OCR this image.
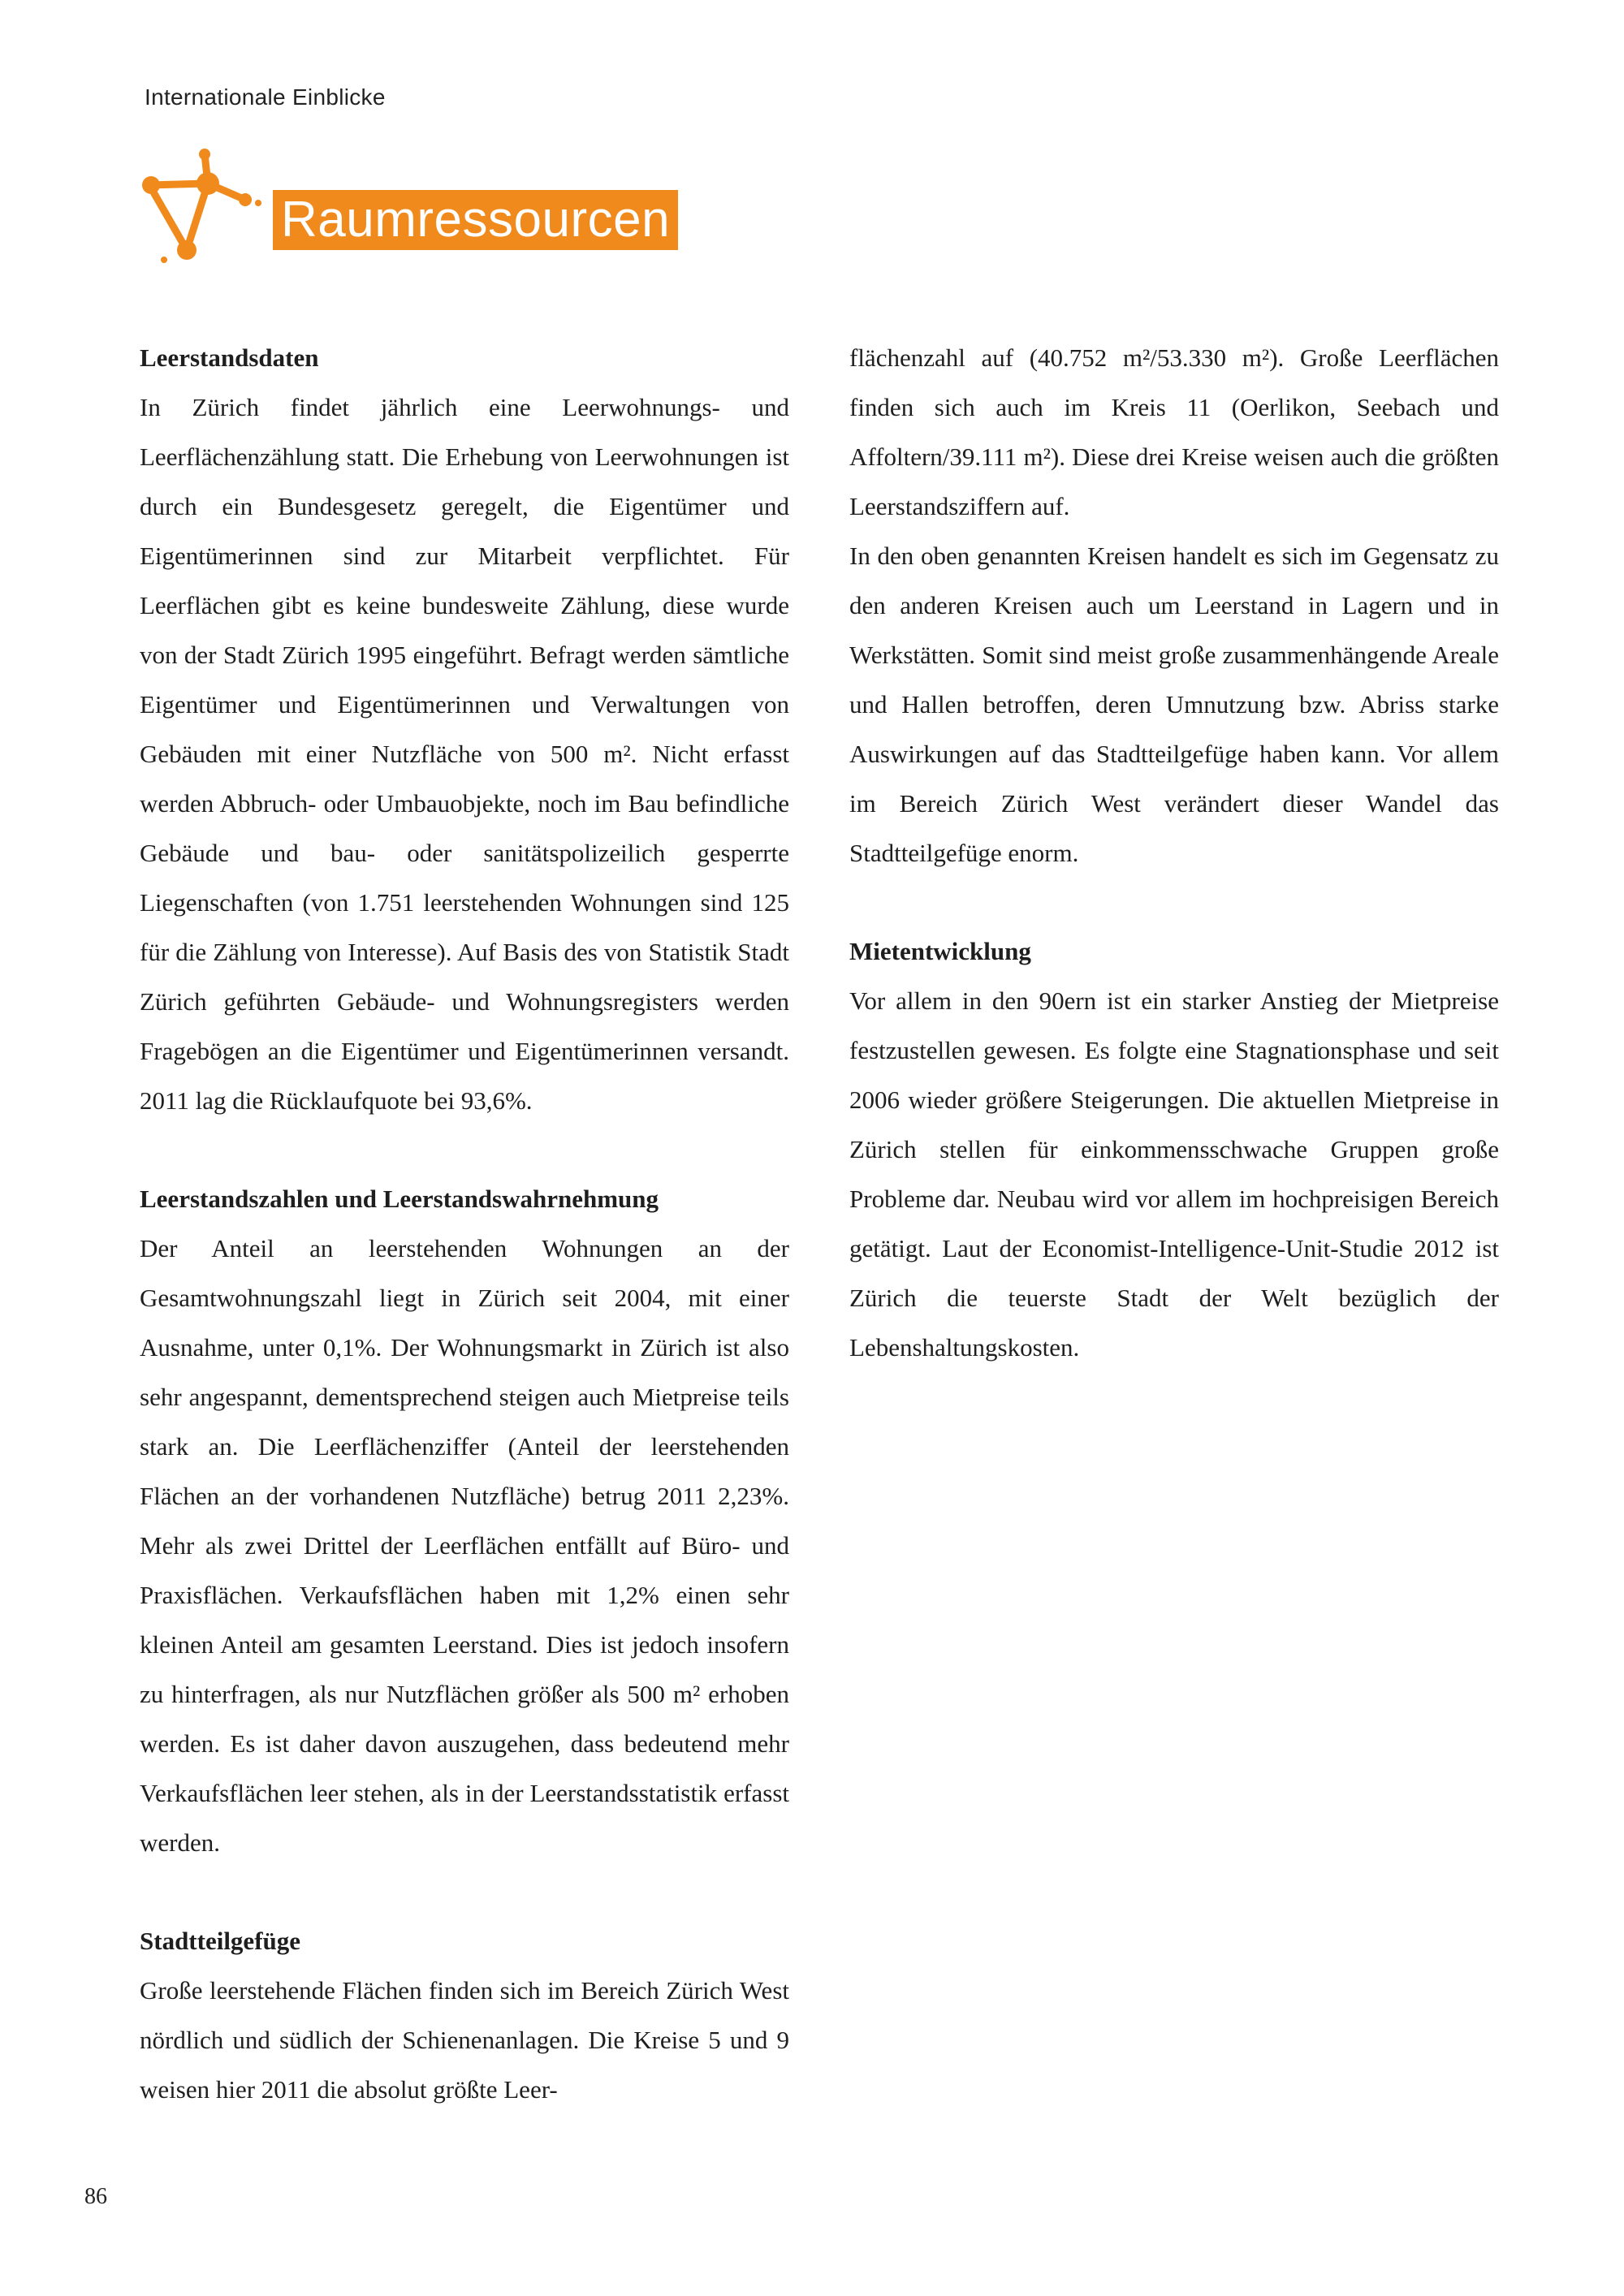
Internationale Einblicke
Raumressourcen
Leerstandsdaten

In Zürich findet jährlich eine Leerwohnungs- und Leerflächenzählung statt. Die Erhebung von Leerwohnungen ist durch ein Bundesgesetz geregelt, die Eigentümer und Eigentümerinnen sind zur Mitarbeit verpflichtet. Für Leerflächen gibt es keine bundesweite Zählung, diese wurde von der Stadt Zürich 1995 eingeführt. Befragt werden sämtliche Eigentümer und Eigentümerinnen und Verwaltungen von Gebäuden mit einer Nutzfläche von 500 m². Nicht erfasst werden Abbruch- oder Umbauobjekte, noch im Bau befindliche Gebäude und bau- oder sanitätspolizeilich gesperrte Liegenschaften (von 1.751 leerstehenden Wohnungen sind 125 für die Zählung von Interesse). Auf Basis des von Statistik Stadt Zürich geführten Gebäude- und Wohnungsregisters werden Fragebögen an die Eigentümer und Eigentümerinnen versandt. 2011 lag die Rücklaufquote bei 93,6%.

Leerstandszahlen und Leerstandswahrnehmung

Der Anteil an leerstehenden Wohnungen an der Gesamtwohnungszahl liegt in Zürich seit 2004, mit einer Ausnahme, unter 0,1%. Der Wohnungsmarkt in Zürich ist also sehr angespannt, dementsprechend steigen auch Mietpreise teils stark an. Die Leerflächenziffer (Anteil der leerstehenden Flächen an der vorhandenen Nutzfläche) betrug 2011 2,23%. Mehr als zwei Drittel der Leerflächen entfällt auf Büro- und Praxisflächen. Verkaufsflächen haben mit 1,2% einen sehr kleinen Anteil am gesamten Leerstand. Dies ist jedoch insofern zu hinterfragen, als nur Nutzflächen größer als 500 m² erhoben werden. Es ist daher davon auszugehen, dass bedeutend mehr Verkaufsflächen leer stehen, als in der Leerstandsstatistik erfasst werden.

Stadtteilgefüge

Große leerstehende Flächen finden sich im Bereich Zürich West nördlich und südlich der Schienenanlagen. Die Kreise 5 und 9 weisen hier 2011 die absolut größte Leer-

flächenzahl auf (40.752 m²/53.330 m²). Große Leerflächen finden sich auch im Kreis 11 (Oerlikon, Seebach und Affoltern/39.111 m²). Diese drei Kreise weisen auch die größten Leerstandsziffern auf.

In den oben genannten Kreisen handelt es sich im Gegensatz zu den anderen Kreisen auch um Leerstand in Lagern und in Werkstätten. Somit sind meist große zusammenhängende Areale und Hallen betroffen, deren Umnutzung bzw. Abriss starke Auswirkungen auf das Stadtteilgefüge haben kann. Vor allem im Bereich Zürich West verändert dieser Wandel das Stadtteilgefüge enorm.

Mietentwicklung

Vor allem in den 90ern ist ein starker Anstieg der Mietpreise festzustellen gewesen. Es folgte eine Stagnationsphase und seit 2006 wieder größere Steigerungen. Die aktuellen Mietpreise in Zürich stellen für einkommensschwache Gruppen große Probleme dar. Neubau wird vor allem im hochpreisigen Bereich getätigt. Laut der Economist-Intelligence-Unit-Studie 2012 ist Zürich die teuerste Stadt der Welt bezüglich der Lebenshaltungskosten.

86
